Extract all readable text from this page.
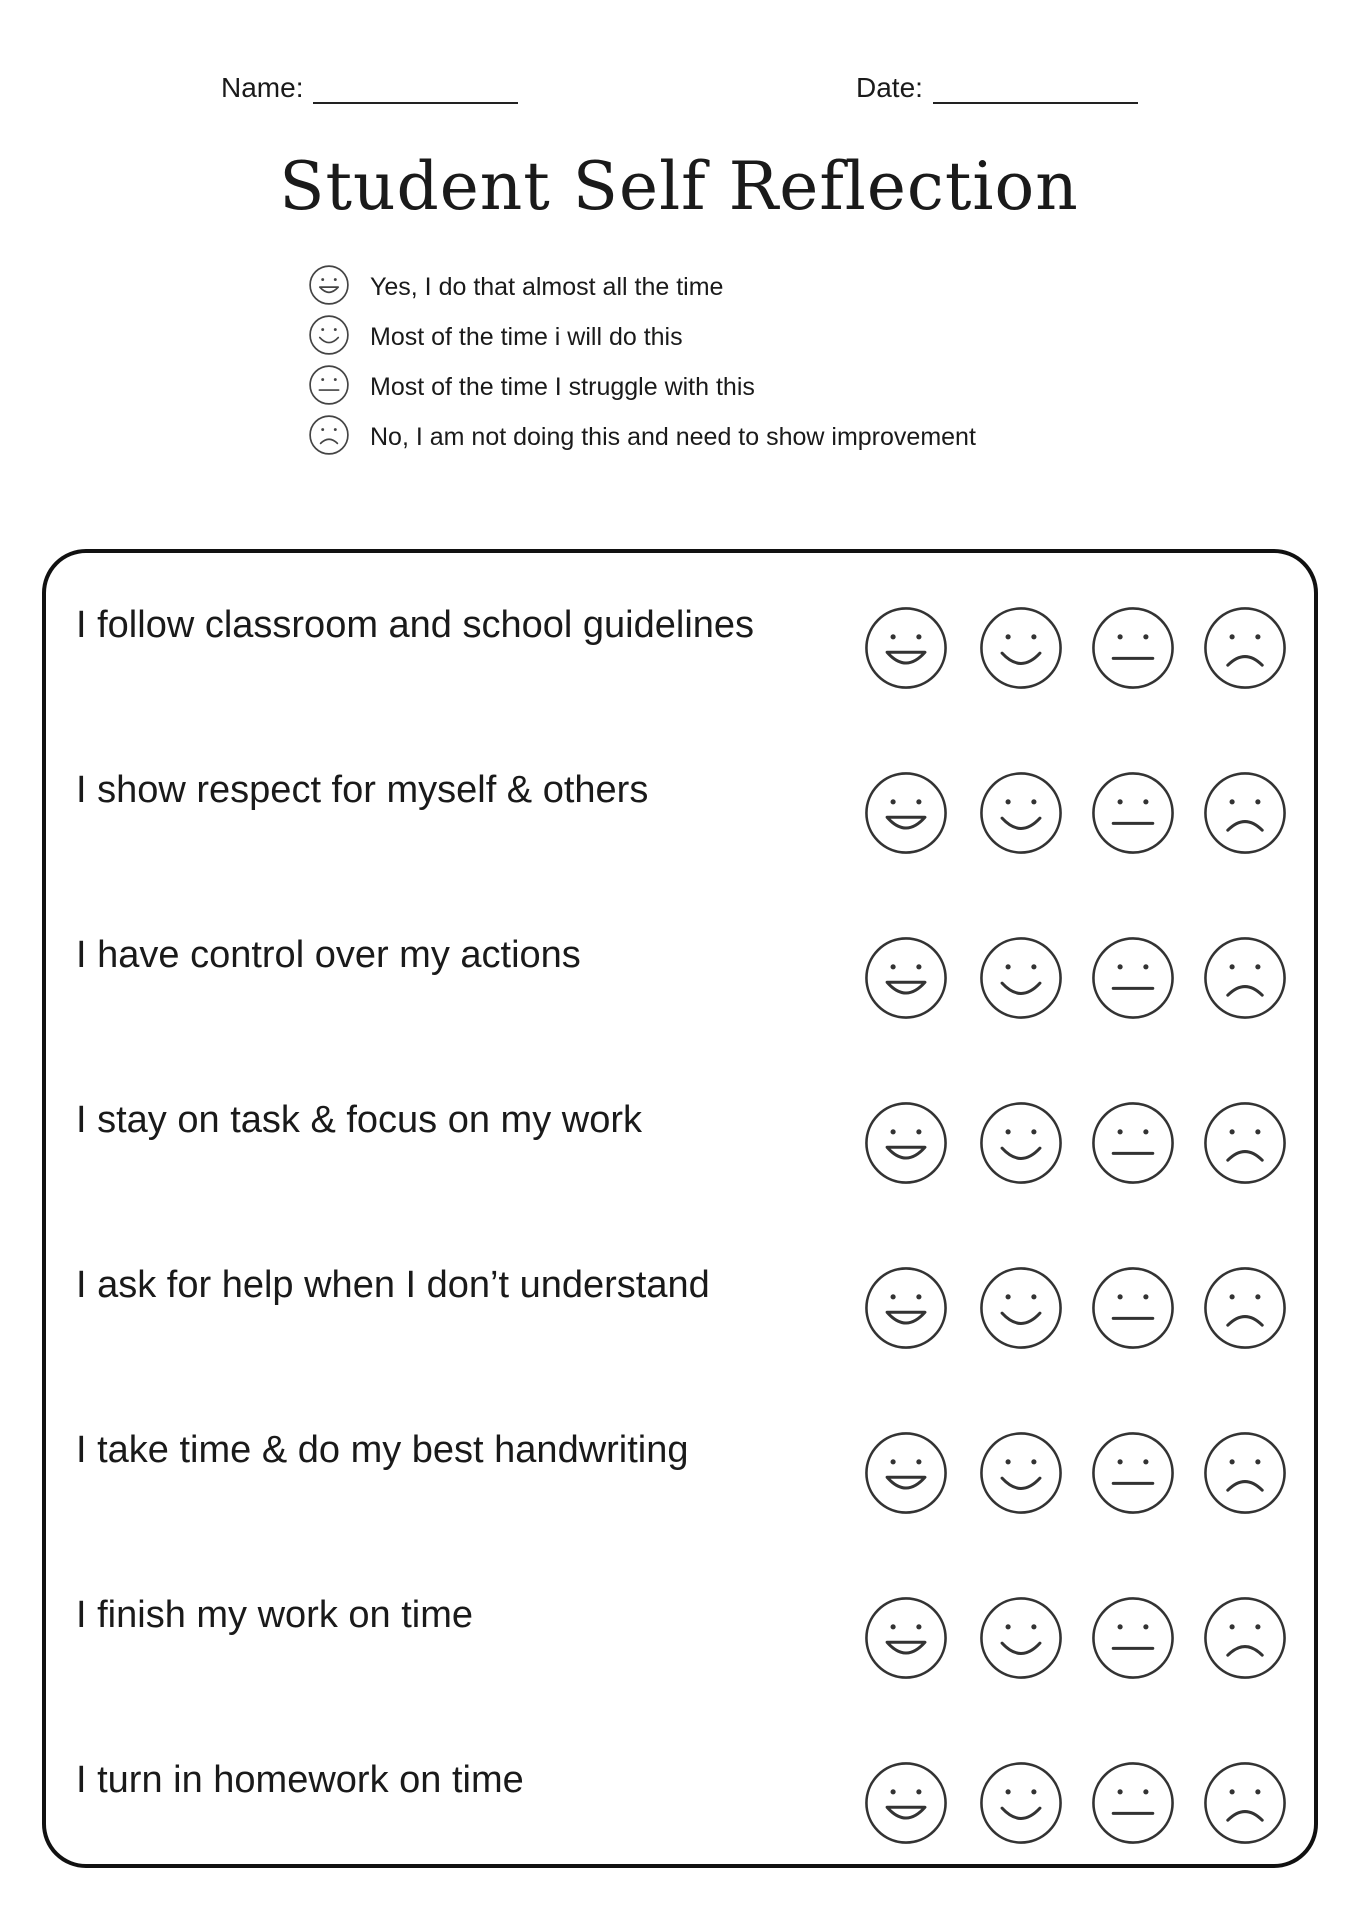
Name:	Date:
Student Self Reflection
Yes, I do that almost all the time
Most of the time i will do this
Most of the time I struggle with this
No, I am not doing this and need to show improvement
I follow classroom and school guidelines
I show respect for myself & others
I have control over my actions
I stay on task & focus on my work
I ask for help when I don’t understand
I take time & do my best handwriting
I finish my work on time
I turn in homework on time
